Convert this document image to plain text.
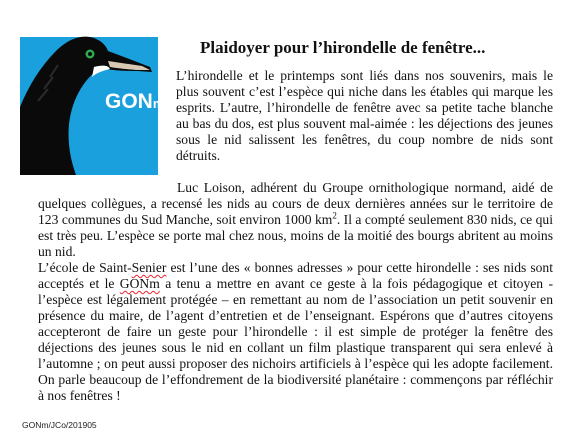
GONm
Plaidoyer pour l’hirondelle de fenêtre...
L’hirondelle et le printemps sont liés dans nos souvenirs, mais le plus souvent c’est l’espèce qui niche dans les étables qui marque les esprits. L’autre, l’hirondelle de fenêtre avec sa petite tache blanche au bas du dos, est plus souvent mal-aimée : les déjections des jeunes sous le nid salissent les fenêtres, du coup nombre de nids sont détruits.
Luc Loison, adhérent du Groupe ornithologique normand, aidé de quelques collègues, a recensé les nids au cours de deux dernières années sur le territoire de 123 communes du Sud Manche, soit environ 1000 $km^2$. Il a compté seulement 830 nids, ce qui est très peu. L’espèce se porte mal chez nous, moins de la moitié des bourgs abritent au moins un nid.
L’école de Saint-Senier est l’une des « bonnes adresses » pour cette hirondelle : ses nids sont acceptés et le GONm a tenu a mettre en avant ce geste à la fois pédagogique et citoyen - l’espèce est légalement protégée – en remettant au nom de l’association un petit souvenir en présence du maire, de l’agent d’entretien et de l’enseignant. Espérons que d’autres citoyens accepteront de faire un geste pour l’hirondelle : il est simple de protéger la fenêtre des déjections des jeunes sous le nid en collant un film plastique transparent qui sera enlevé à l’automne ; on peut aussi proposer des nichoirs artificiels à l’espèce qui les adopte facilement. On parle beaucoup de l’effondrement de la biodiversité planétaire : commençons par réfléchir à nos fenêtres !
GONm/JCo/201905
